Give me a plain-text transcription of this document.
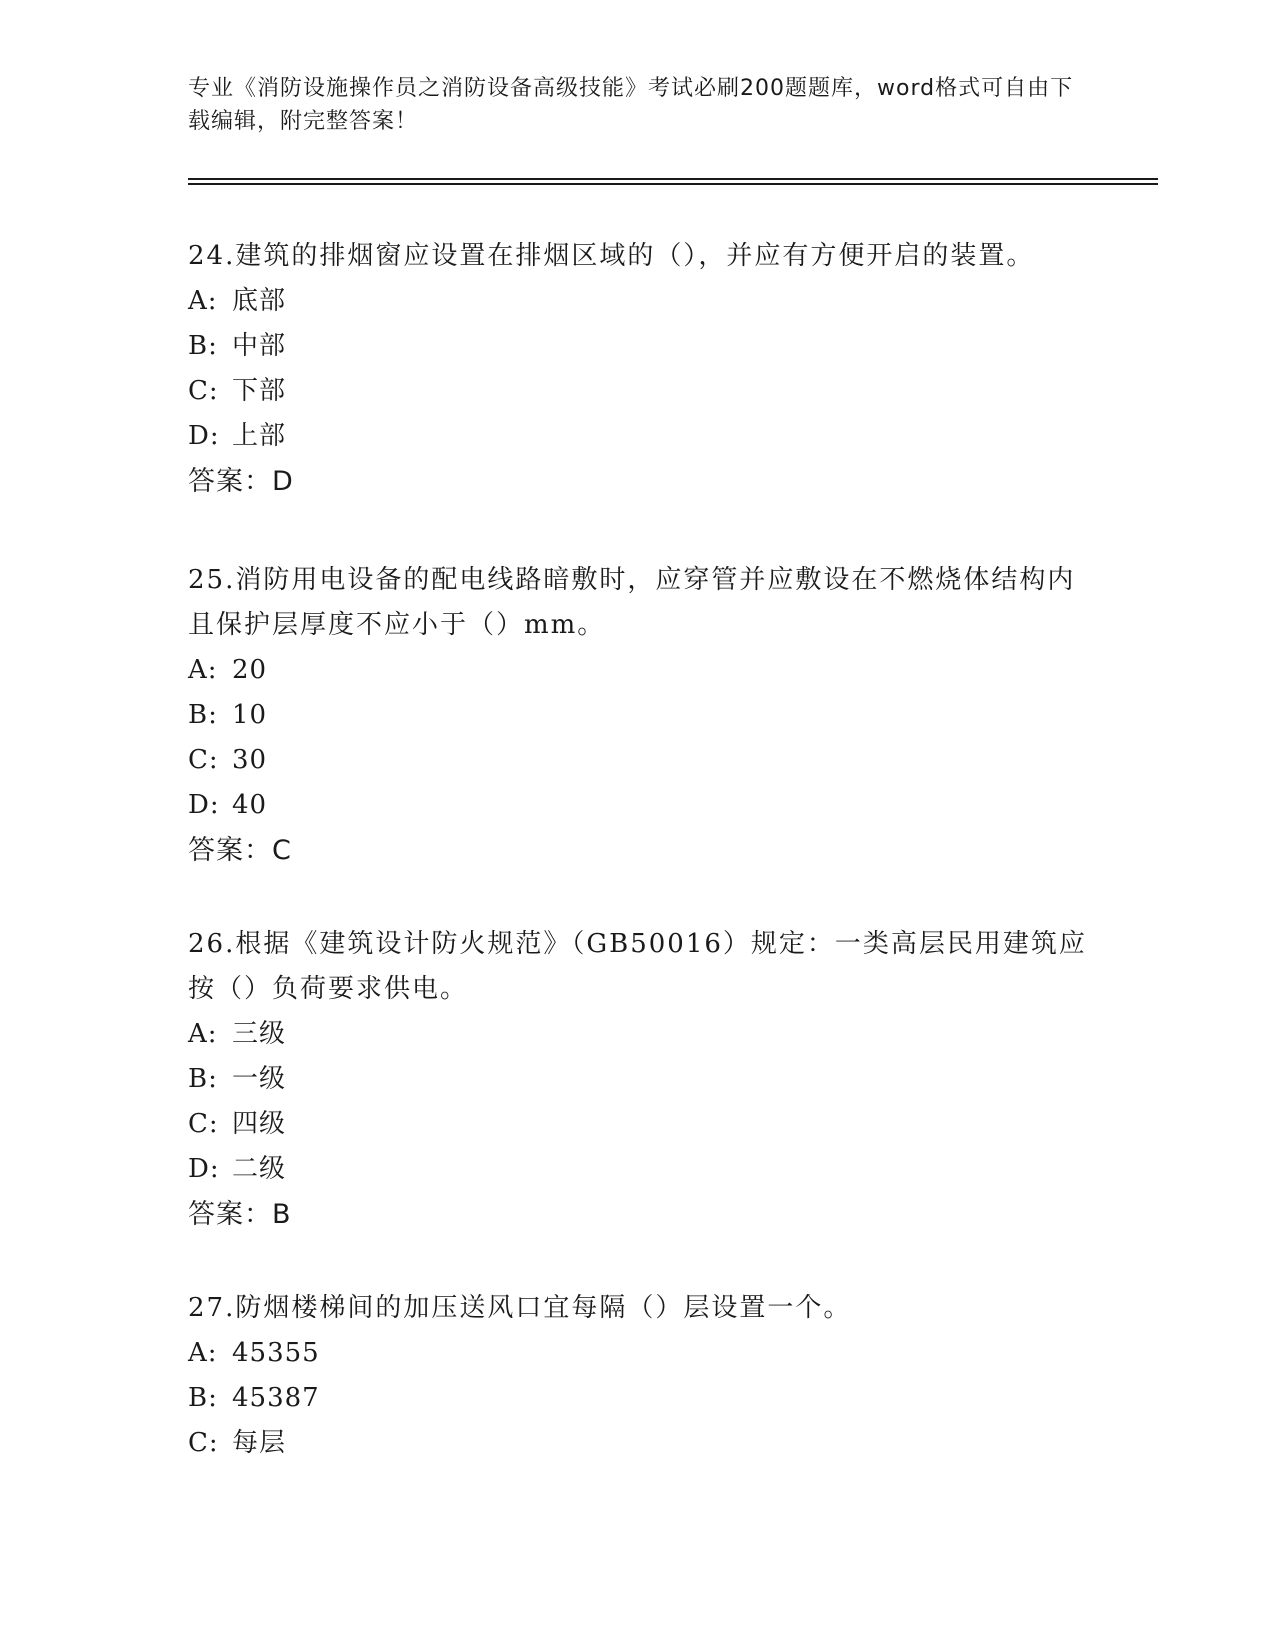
专业《消防设施操作员之消防设备高级技能》考试必刷200题题库，word格式可自由下载编辑，附完整答案！

24.建筑的排烟窗应设置在排烟区域的（），并应有方便开启的装置。

A: 底部
B: 中部
C: 下部
D: 上部
答案：D

25.消防用电设备的配电线路暗敷时，应穿管并应敷设在不燃烧体结构内且保护层厚度不应小于（）mm。

A: 20
B: 10
C: 30
D: 40
答案：C

26.根据《建筑设计防火规范》（GB50016）规定：一类高层民用建筑应按（）负荷要求供电。

A: 三级
B: 一级
C: 四级
D: 二级
答案：B

27.防烟楼梯间的加压送风口宜每隔（）层设置一个。

A: 45355
B: 45387
C: 每层
